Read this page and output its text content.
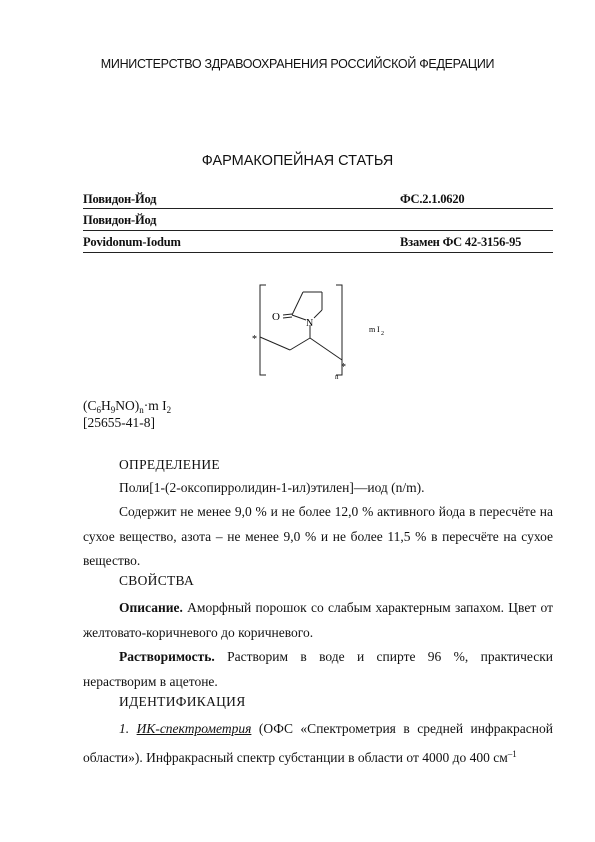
МИНИСТЕРСТВО ЗДРАВООХРАНЕНИЯ РОССИЙСКОЙ ФЕДЕРАЦИИ
ФАРМАКОПЕЙНАЯ СТАТЬЯ
Повидон-Йод	ФС.2.1.0620
Повидон-Йод
Povidonum-Iodum	Взамен ФС 42-3156-95
O
N
*
*
m I 2
n
$(C_6H_9NO)_n\cdot m$ $I_2$
[25655-41-8]
ОПРЕДЕЛЕНИЕ
Поли[1-(2-оксопирролидин-1-ил)этилен]—иод (n/m).
Содержит не менее 9,0 % и не более 12,0 % активного йода в пересчёте на сухое вещество, азота – не менее 9,0 % и не более 11,5 % в пересчёте на сухое вещество.
СВОЙСТВА
Описание. Аморфный порошок со слабым характерным запахом. Цвет от желтовато-коричневого до коричневого.
Растворимость. Растворим в воде и спирте 96 %, практически нерастворим в ацетоне.
ИДЕНТИФИКАЦИЯ
1. ИК-спектрометрия (ОФС «Спектрометрия в средней инфракрасной области»). Инфракрасный спектр субстанции в области от 4000 до 400 $см^{-1}$
